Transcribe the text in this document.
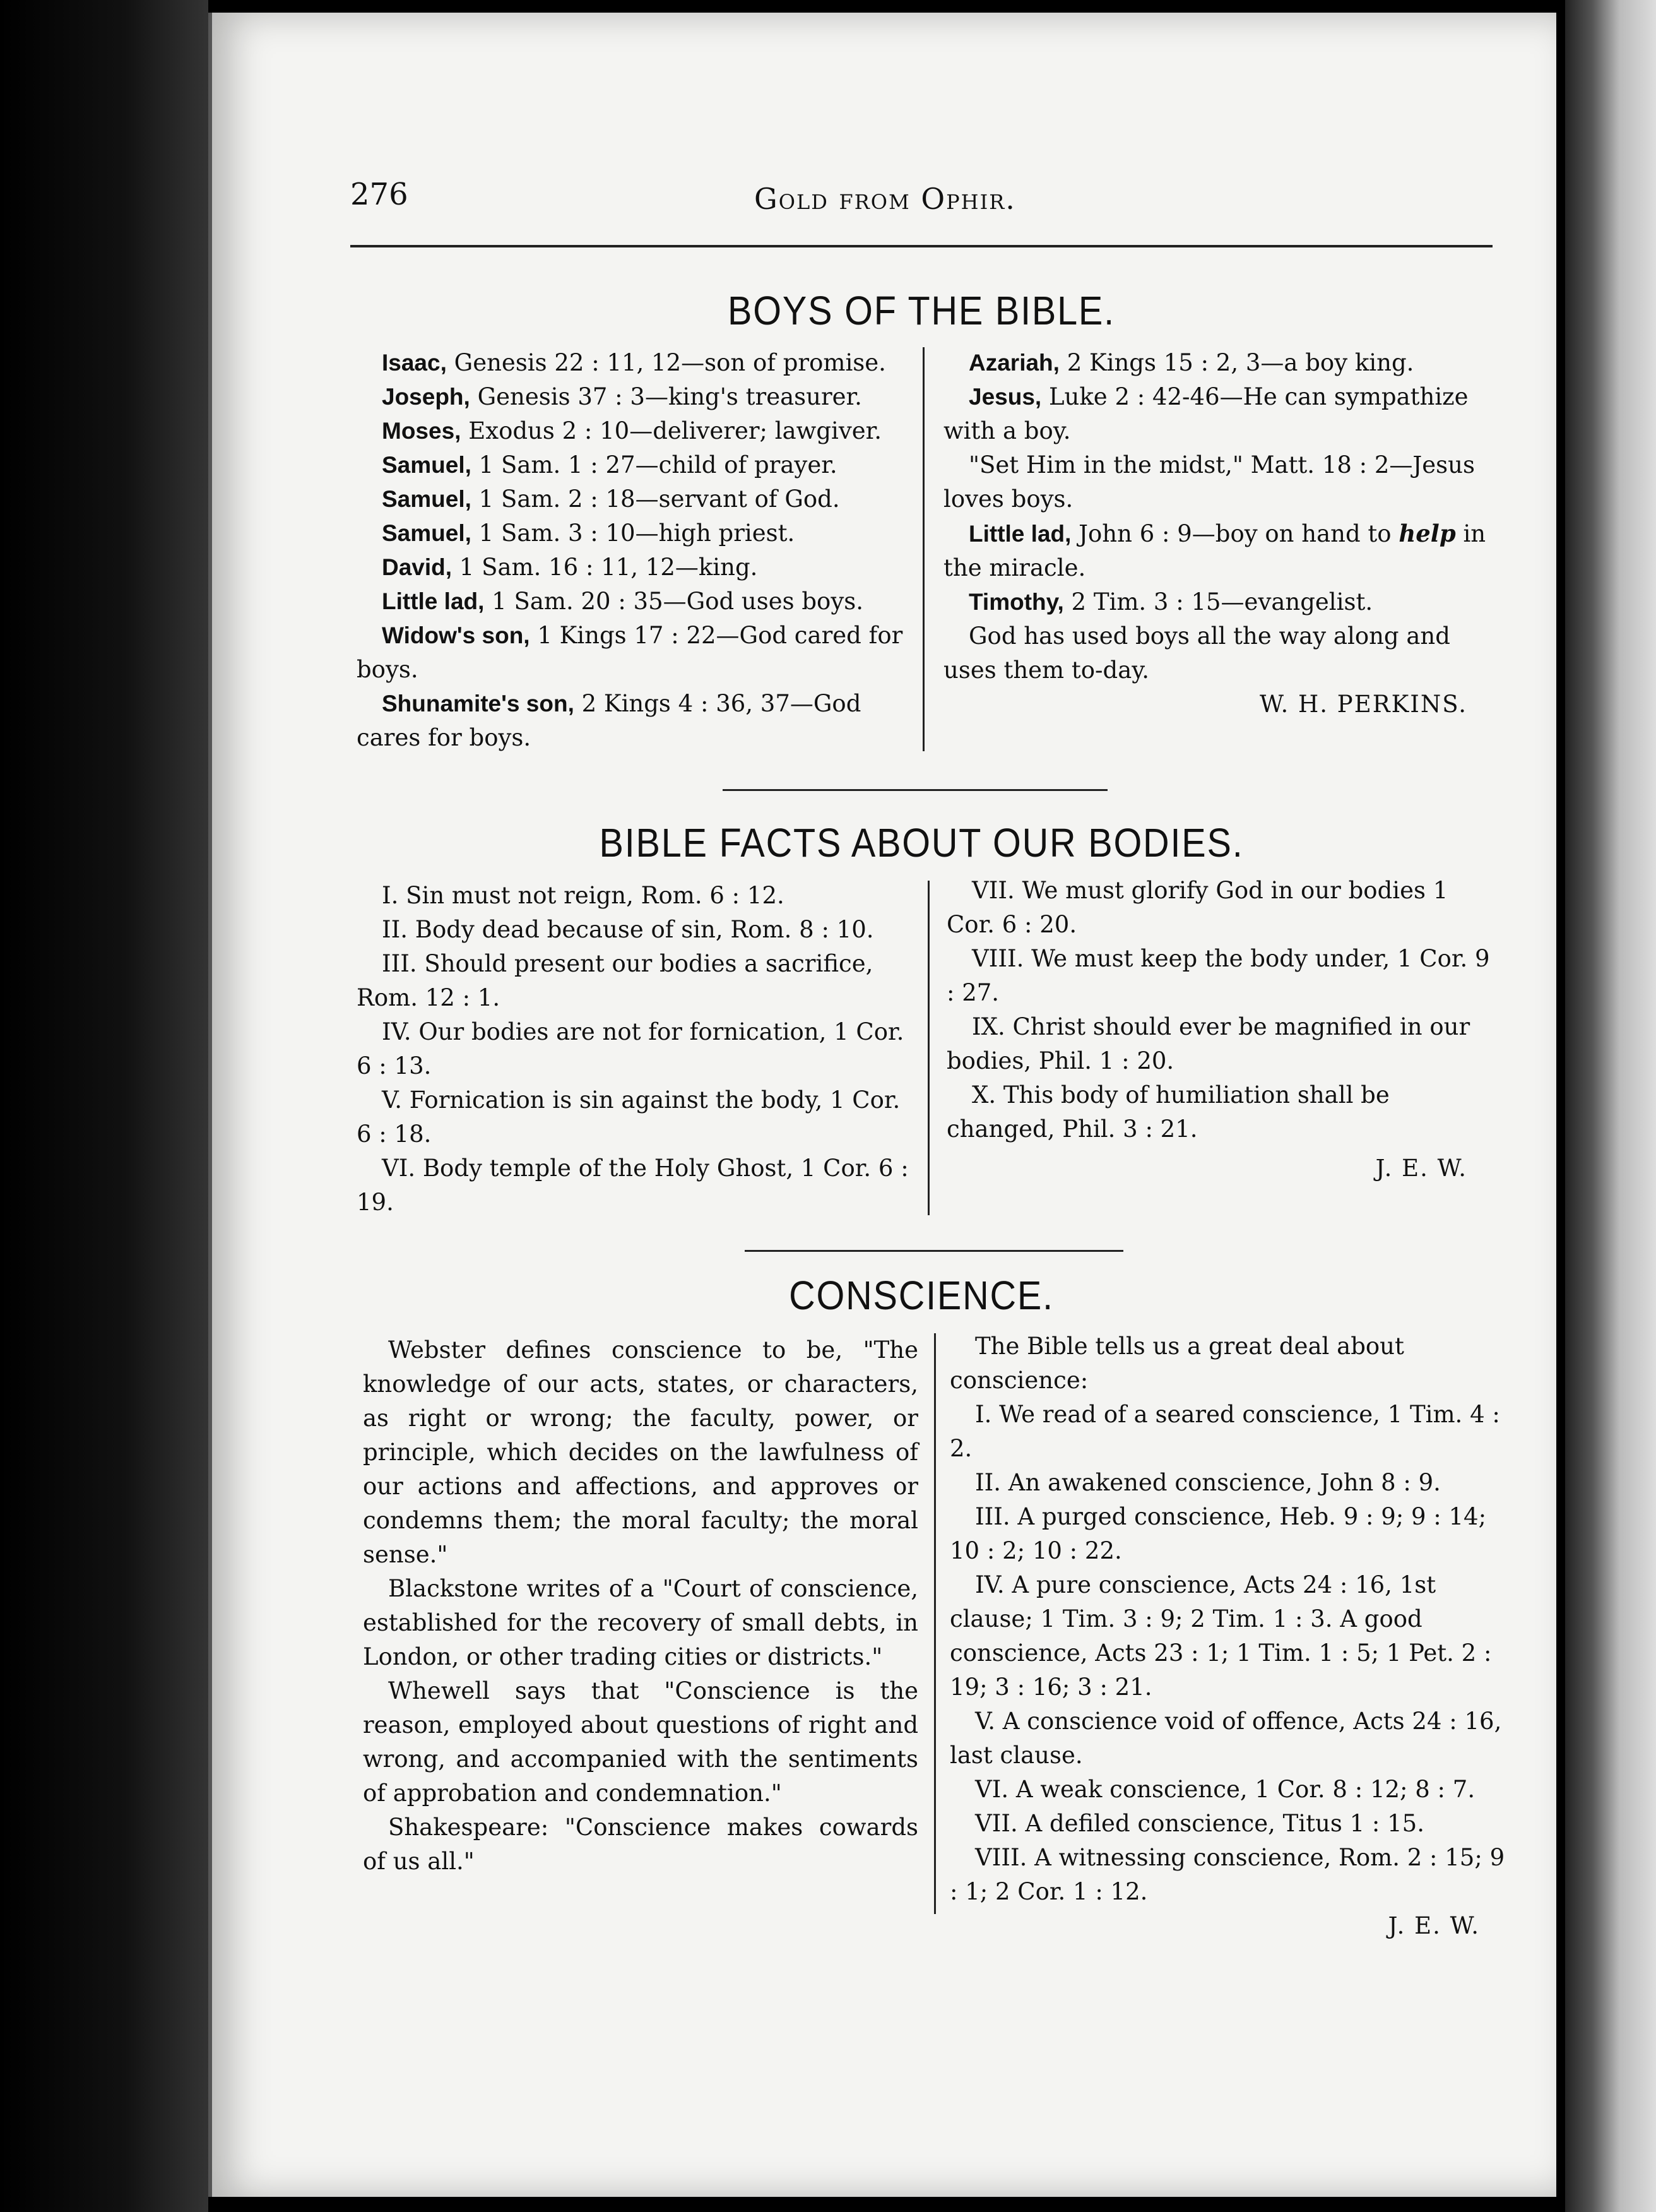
276	Gold from Ophir.
BOYS OF THE BIBLE.

Isaac, Genesis 22 : 11, 12—son of promise.

Joseph, Genesis 37 : 3—king's treasurer.

Moses, Exodus 2 : 10—deliverer; lawgiver.

Samuel, 1 Sam. 1 : 27—child of prayer.

Samuel, 1 Sam. 2 : 18—servant of God.

Samuel, 1 Sam. 3 : 10—high priest.

David, 1 Sam. 16 : 11, 12—king.

Little lad, 1 Sam. 20 : 35—God uses boys.

Widow's son, 1 Kings 17 : 22—God cared for boys.

Shunamite's son, 2 Kings 4 : 36, 37—God cares for boys.

Azariah, 2 Kings 15 : 2, 3—a boy king.

Jesus, Luke 2 : 42-46—He can sympathize with a boy.

"Set Him in the midst," Matt. 18 : 2—Jesus loves boys.

Little lad, John 6 : 9—boy on hand to help in the miracle.

Timothy, 2 Tim. 3 : 15—evangelist.

God has used boys all the way along and uses them to-day.

W. H. PERKINS.

BIBLE FACTS ABOUT OUR BODIES.

I. Sin must not reign, Rom. 6 : 12.

II. Body dead because of sin, Rom. 8 : 10.

III. Should present our bodies a sacrifice, Rom. 12 : 1.

IV. Our bodies are not for fornication, 1 Cor. 6 : 13.

V. Fornication is sin against the body, 1 Cor. 6 : 18.

VI. Body temple of the Holy Ghost, 1 Cor. 6 : 19.

VII. We must glorify God in our bodies 1 Cor. 6 : 20.

VIII. We must keep the body under, 1 Cor. 9 : 27.

IX. Christ should ever be magnified in our bodies, Phil. 1 : 20.

X. This body of humiliation shall be changed, Phil. 3 : 21.

J. E. W.

CONSCIENCE.

Webster defines conscience to be, "The knowledge of our acts, states, or characters, as right or wrong; the faculty, power, or principle, which decides on the lawfulness of our actions and affections, and approves or condemns them; the moral faculty; the moral sense."

Blackstone writes of a "Court of conscience, established for the recovery of small debts, in London, or other trading cities or districts."

Whewell says that "Conscience is the reason, employed about questions of right and wrong, and accompanied with the sentiments of approbation and condemnation."

Shakespeare: "Conscience makes cowards of us all."

The Bible tells us a great deal about conscience:

I. We read of a seared conscience, 1 Tim. 4 : 2.

II. An awakened conscience, John 8 : 9.

III. A purged conscience, Heb. 9 : 9; 9 : 14; 10 : 2; 10 : 22.

IV. A pure conscience, Acts 24 : 16, 1st clause; 1 Tim. 3 : 9; 2 Tim. 1 : 3. A good conscience, Acts 23 : 1; 1 Tim. 1 : 5; 1 Pet. 2 : 19; 3 : 16; 3 : 21.

V. A conscience void of offence, Acts 24 : 16, last clause.

VI. A weak conscience, 1 Cor. 8 : 12; 8 : 7.

VII. A defiled conscience, Titus 1 : 15.

VIII. A witnessing conscience, Rom. 2 : 15; 9 : 1; 2 Cor. 1 : 12.

J. E. W.
